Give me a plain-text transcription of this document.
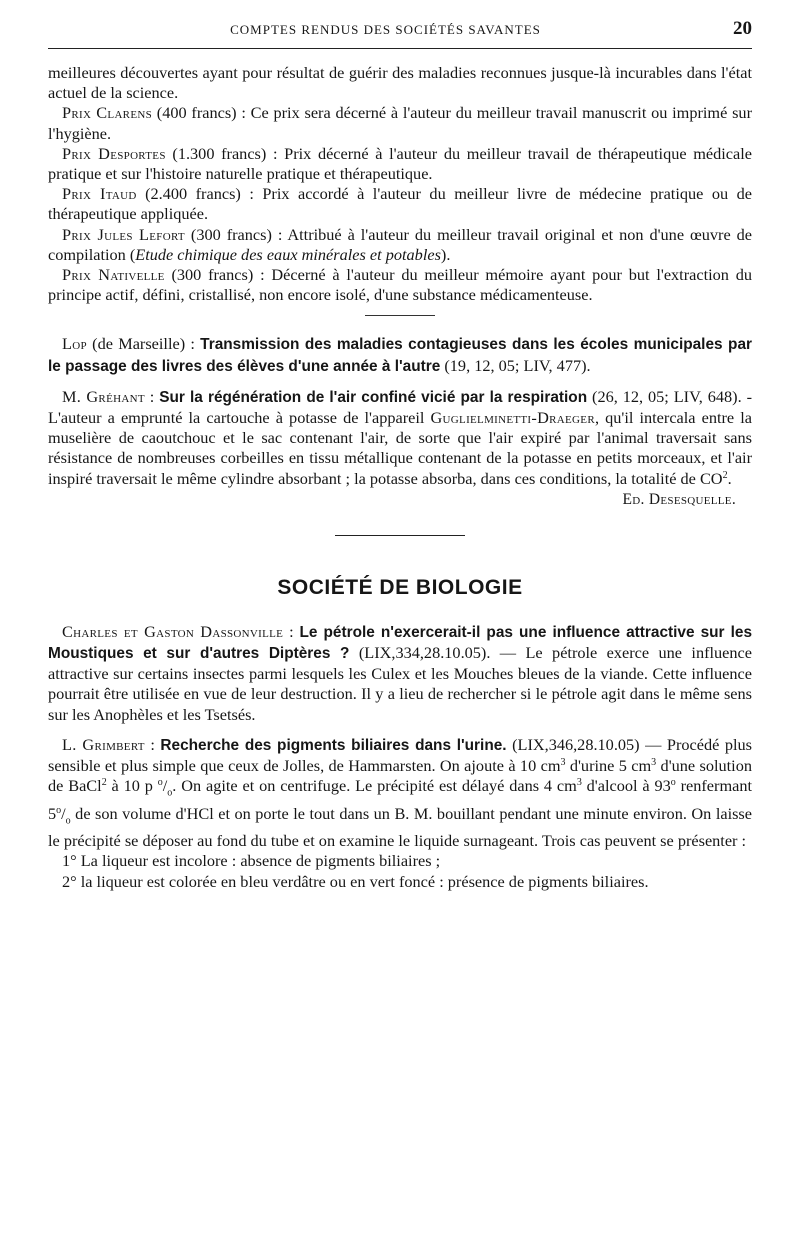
COMPTES RENDUS DES SOCIÉTÉS SAVANTES	20

meilleures découvertes ayant pour résultat de guérir des maladies reconnues jusque-là incurables dans l'état actuel de la science.

Prix Clarens (400 francs) : Ce prix sera décerné à l'auteur du meilleur travail manuscrit ou imprimé sur l'hygiène.

Prix Desportes (1.300 francs) : Prix décerné à l'auteur du meilleur travail de thérapeutique médicale pratique et sur l'histoire naturelle pratique et thérapeutique.

Prix Itaud (2.400 francs) : Prix accordé à l'auteur du meilleur livre de médecine pratique ou de thérapeutique appliquée.

Prix Jules Lefort (300 francs) : Attribué à l'auteur du meilleur travail original et non d'une œuvre de compilation (Etude chimique des eaux minérales et potables).

Prix Nativelle (300 francs) : Décerné à l'auteur du meilleur mémoire ayant pour but l'extraction du principe actif, défini, cristallisé, non encore isolé, d'une substance médicamenteuse.

Lop (de Marseille) : Transmission des maladies contagieuses dans les écoles municipales par le passage des livres des élèves d'une année à l'autre (19, 12, 05; LIV, 477).

M. Gréhant : Sur la régénération de l'air confiné vicié par la respiration (26, 12, 05; LIV, 648). - L'auteur a emprunté la cartouche à potasse de l'appareil Guglielminetti-Draeger, qu'il intercala entre la muselière de caoutchouc et le sac contenant l'air, de sorte que l'air expiré par l'animal traversait sans résistance de nombreuses corbeilles en tissu métallique contenant de la potasse en petits morceaux, et l'air inspiré traversait le même cylindre absorbant ; la potasse absorba, dans ces conditions, la totalité de $CO^2$.

Ed. Desesquelle.
SOCIÉTÉ DE BIOLOGIE

Charles et Gaston Dassonville : Le pétrole n'exercerait-il pas une influence attractive sur les Moustiques et sur d'autres Diptères ? (LIX,334,28.10.05). — Le pétrole exerce une influence attractive sur certains insectes parmi lesquels les Culex et les Mouches bleues de la viande. Cette influence pourrait être utilisée en vue de leur destruction. Il y a lieu de rechercher si le pétrole agit dans le même sens sur les Anophèles et les Tsetsés.

L. Grimbert : Recherche des pigments biliaires dans l'urine. (LIX,346,28.10.05) — Procédé plus sensible et plus simple que ceux de Jolles, de Hammarsten. On ajoute à 10 $cm^3$ d'urine 5 $cm^3$ d'une solution de BaCl$^2$ à 10 p $^o/_o$. On agite et on centrifuge. Le précipité est délayé dans 4 $cm^3$ d'alcool à 93$^o$ renfermant $5^o/_o$ de son volume d'HCl et on porte le tout dans un B. M. bouillant pendant une minute environ. On laisse le précipité se déposer au fond du tube et on examine le liquide surnageant. Trois cas peuvent se présenter :

1° La liqueur est incolore : absence de pigments biliaires ;

2° la liqueur est colorée en bleu verdâtre ou en vert foncé : présence de pigments biliaires.
